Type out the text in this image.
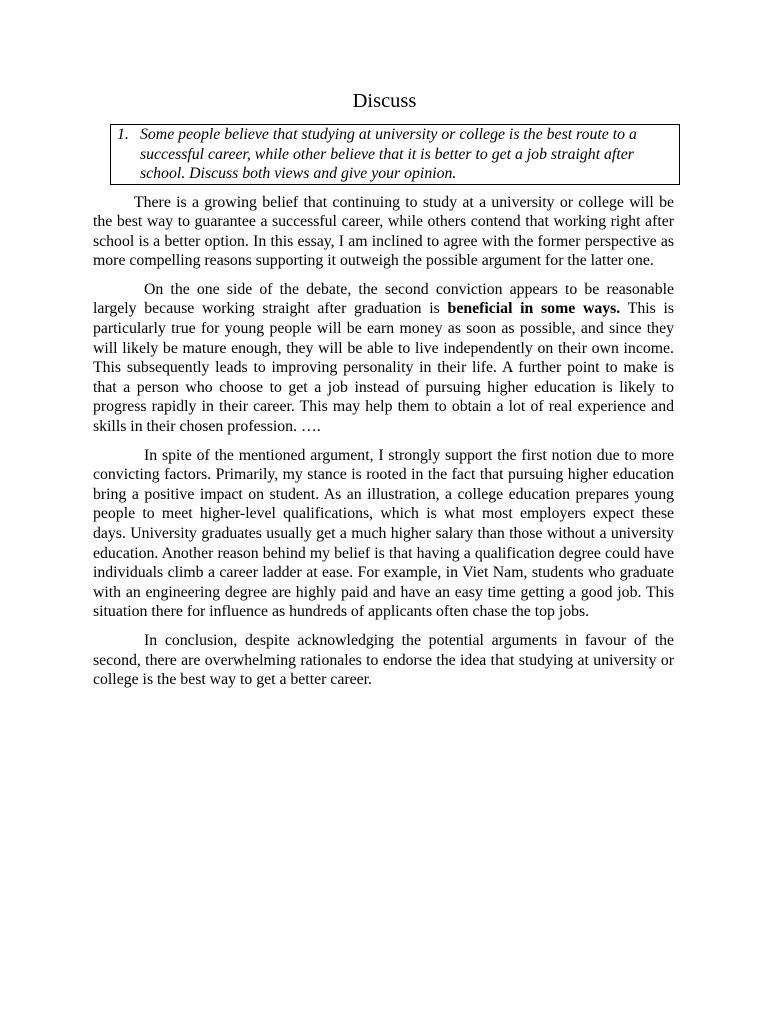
Discuss
1. Some people believe that studying at university or college is the best route to a successful career, while other believe that it is better to get a job straight after school. Discuss both views and give your opinion.

There is a growing belief that continuing to study at a university or college will be the best way to guarantee a successful career, while others contend that working right after school is a better option. In this essay, I am inclined to agree with the former perspective as more compelling reasons supporting it outweigh the possible argument for the latter one.

On the one side of the debate, the second conviction appears to be reasonable largely because working straight after graduation is beneficial in some ways. This is particularly true for young people will be earn money as soon as possible, and since they will likely be mature enough, they will be able to live independently on their own income. This subsequently leads to improving personality in their life. A further point to make is that a person who choose to get a job instead of pursuing higher education is likely to progress rapidly in their career. This may help them to obtain a lot of real experience and skills in their chosen profession. ….

In spite of the mentioned argument, I strongly support the first notion due to more convicting factors. Primarily, my stance is rooted in the fact that pursuing higher education bring a positive impact on student. As an illustration, a college education prepares young people to meet higher-level qualifications, which is what most employers expect these days. University graduates usually get a much higher salary than those without a university education. Another reason behind my belief is that having a qualification degree could have individuals climb a career ladder at ease. For example, in Viet Nam, students who graduate with an engineering degree are highly paid and have an easy time getting a good job. This situation there for influence as hundreds of applicants often chase the top jobs.

In conclusion, despite acknowledging the potential arguments in favour of the second, there are overwhelming rationales to endorse the idea that studying at university or college is the best way to get a better career.
